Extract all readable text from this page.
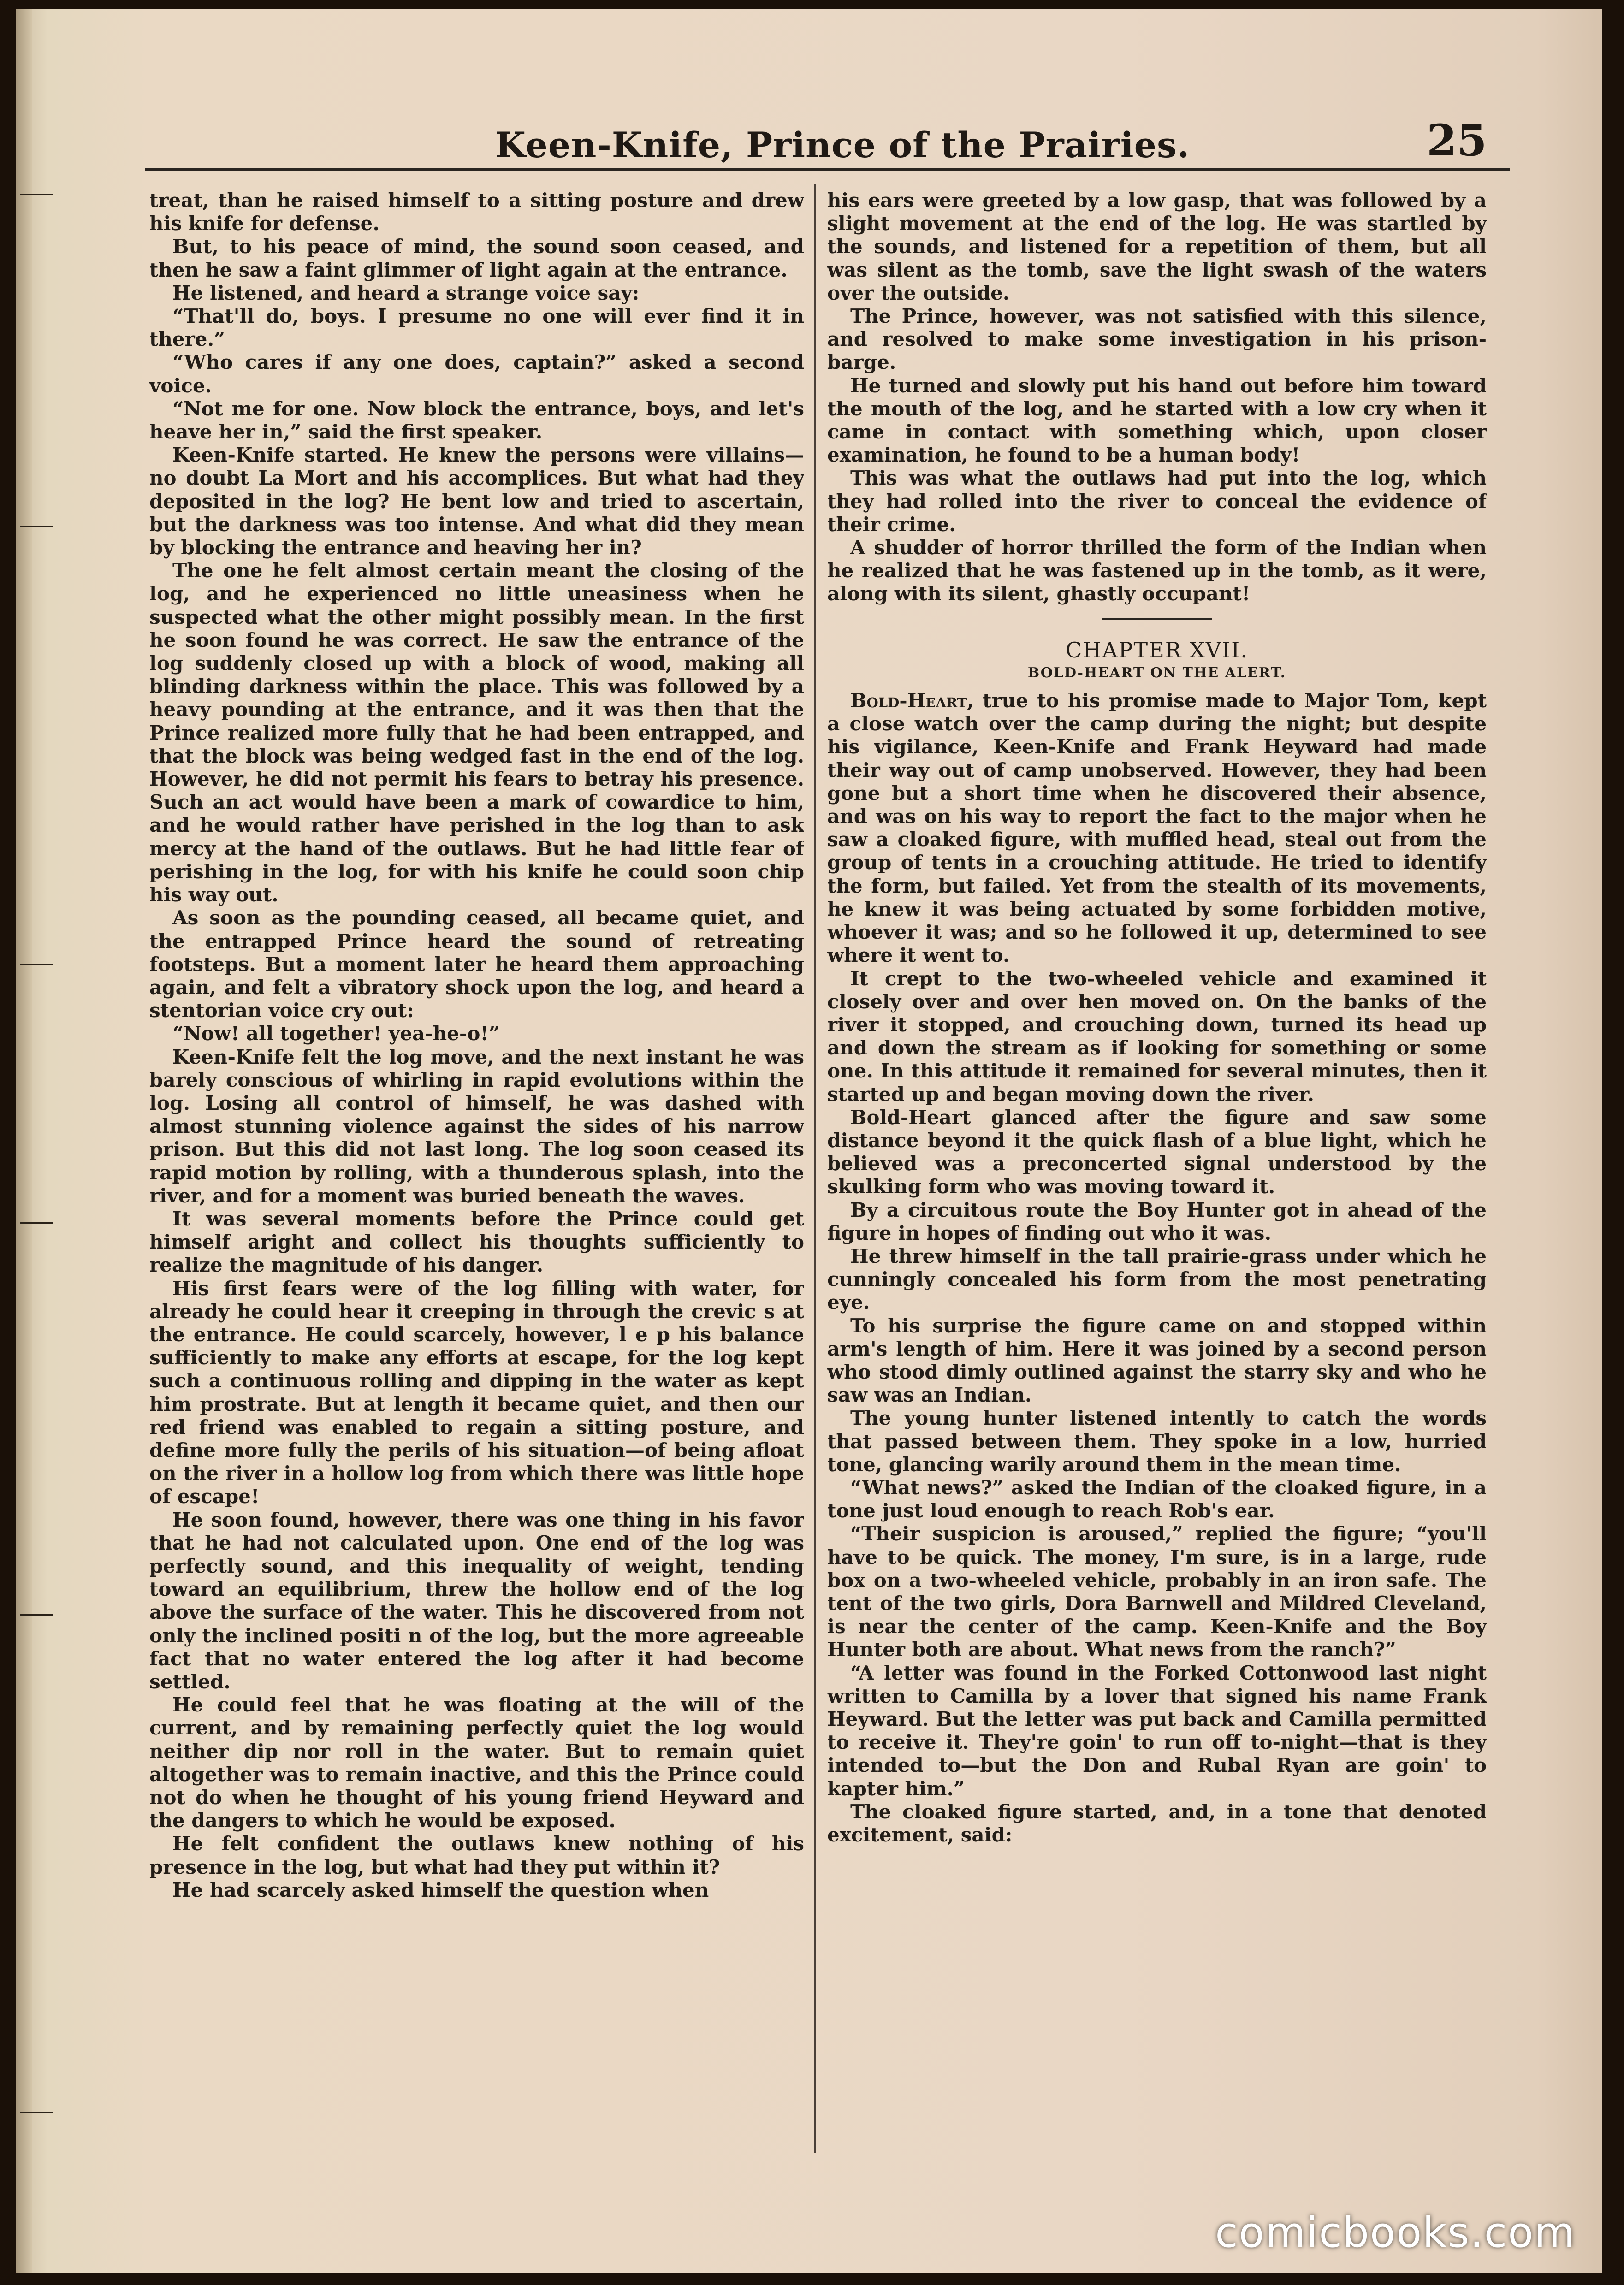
Keen-Knife, Prince of the Prairies.	25

treat, than he raised himself to a sitting posture and drew his knife for defense.

But, to his peace of mind, the sound soon ceased, and then he saw a faint glimmer of light again at the entrance.

He listened, and heard a strange voice say:

“That'll do, boys. I presume no one will ever find it in there.”

“Who cares if any one does, captain?” asked a second voice.

“Not me for one. Now block the entrance, boys, and let's heave her in,” said the first speaker.

Keen-Knife started. He knew the persons were villains—no doubt La Mort and his accomplices. But what had they deposited in the log? He bent low and tried to ascertain, but the darkness was too intense. And what did they mean by blocking the entrance and heaving her in?

The one he felt almost certain meant the closing of the log, and he experienced no little uneasiness when he suspected what the other might possibly mean. In the first he soon found he was correct. He saw the entrance of the log suddenly closed up with a block of wood, making all blinding darkness within the place. This was followed by a heavy pounding at the entrance, and it was then that the Prince realized more fully that he had been entrapped, and that the block was being wedged fast in the end of the log. However, he did not permit his fears to betray his presence. Such an act would have been a mark of cowardice to him, and he would rather have perished in the log than to ask mercy at the hand of the outlaws. But he had little fear of perishing in the log, for with his knife he could soon chip his way out.

As soon as the pounding ceased, all became quiet, and the entrapped Prince heard the sound of retreating footsteps. But a moment later he heard them approaching again, and felt a vibratory shock upon the log, and heard a stentorian voice cry out:

“Now! all together! yea-he-o!”

Keen-Knife felt the log move, and the next instant he was barely conscious of whirling in rapid evolutions within the log. Losing all control of himself, he was dashed with almost stunning violence against the sides of his narrow prison. But this did not last long. The log soon ceased its rapid motion by rolling, with a thunderous splash, into the river, and for a moment was buried beneath the waves.

It was several moments before the Prince could get himself aright and collect his thoughts sufficiently to realize the magnitude of his danger.

His first fears were of the log filling with water, for already he could hear it creeping in through the crevic s at the entrance. He could scarcely, however, l e p his balance sufficiently to make any efforts at escape, for the log kept such a continuous rolling and dipping in the water as kept him prostrate. But at length it became quiet, and then our red friend was enabled to regain a sitting posture, and define more fully the perils of his situation—of being afloat on the river in a hollow log from which there was little hope of escape!

He soon found, however, there was one thing in his favor that he had not calculated upon. One end of the log was perfectly sound, and this inequality of weight, tending toward an equilibrium, threw the hollow end of the log above the surface of the water. This he discovered from not only the inclined positi n of the log, but the more agreeable fact that no water entered the log after it had become settled.

He could feel that he was floating at the will of the current, and by remaining perfectly quiet the log would neither dip nor roll in the water. But to remain quiet altogether was to remain inactive, and this the Prince could not do when he thought of his young friend Heyward and the dangers to which he would be exposed.

He felt confident the outlaws knew nothing of his presence in the log, but what had they put within it?

He had scarcely asked himself the question when

his ears were greeted by a low gasp, that was followed by a slight movement at the end of the log. He was startled by the sounds, and listened for a repetition of them, but all was silent as the tomb, save the light swash of the waters over the outside.

The Prince, however, was not satisfied with this silence, and resolved to make some investigation in his prison-barge.

He turned and slowly put his hand out before him toward the mouth of the log, and he started with a low cry when it came in contact with something which, upon closer examination, he found to be a human body!

This was what the outlaws had put into the log, which they had rolled into the river to conceal the evidence of their crime.

A shudder of horror thrilled the form of the Indian when he realized that he was fastened up in the tomb, as it were, along with its silent, ghastly occupant!

CHAPTER XVII.

BOLD-HEART ON THE ALERT.

Bold-Heart, true to his promise made to Major Tom, kept a close watch over the camp during the night; but despite his vigilance, Keen-Knife and Frank Heyward had made their way out of camp unobserved. However, they had been gone but a short time when he discovered their absence, and was on his way to report the fact to the major when he saw a cloaked figure, with muffled head, steal out from the group of tents in a crouching attitude. He tried to identify the form, but failed. Yet from the stealth of its movements, he knew it was being actuated by some forbidden motive, whoever it was; and so he followed it up, determined to see where it went to.

It crept to the two-wheeled vehicle and examined it closely over and over hen moved on. On the banks of the river it stopped, and crouching down, turned its head up and down the stream as if looking for something or some one. In this attitude it remained for several minutes, then it started up and began moving down the river.

Bold-Heart glanced after the figure and saw some distance beyond it the quick flash of a blue light, which he believed was a preconcerted signal understood by the skulking form who was moving toward it.

By a circuitous route the Boy Hunter got in ahead of the figure in hopes of finding out who it was.

He threw himself in the tall prairie-grass under which he cunningly concealed his form from the most penetrating eye.

To his surprise the figure came on and stopped within arm's length of him. Here it was joined by a second person who stood dimly outlined against the starry sky and who he saw was an Indian.

The young hunter listened intently to catch the words that passed between them. They spoke in a low, hurried tone, glancing warily around them in the mean time.

“What news?” asked the Indian of the cloaked figure, in a tone just loud enough to reach Rob's ear.

“Their suspicion is aroused,” replied the figure; “you'll have to be quick. The money, I'm sure, is in a large, rude box on a two-wheeled vehicle, probably in an iron safe. The tent of the two girls, Dora Barnwell and Mildred Cleveland, is near the center of the camp. Keen-Knife and the Boy Hunter both are about. What news from the ranch?”

“A letter was found in the Forked Cottonwood last night written to Camilla by a lover that signed his name Frank Heyward. But the letter was put back and Camilla permitted to receive it. They're goin' to run off to-night—that is they intended to—but the Don and Rubal Ryan are goin' to kapter him.”

The cloaked figure started, and, in a tone that denoted excitement, said:

comicbooks.com
